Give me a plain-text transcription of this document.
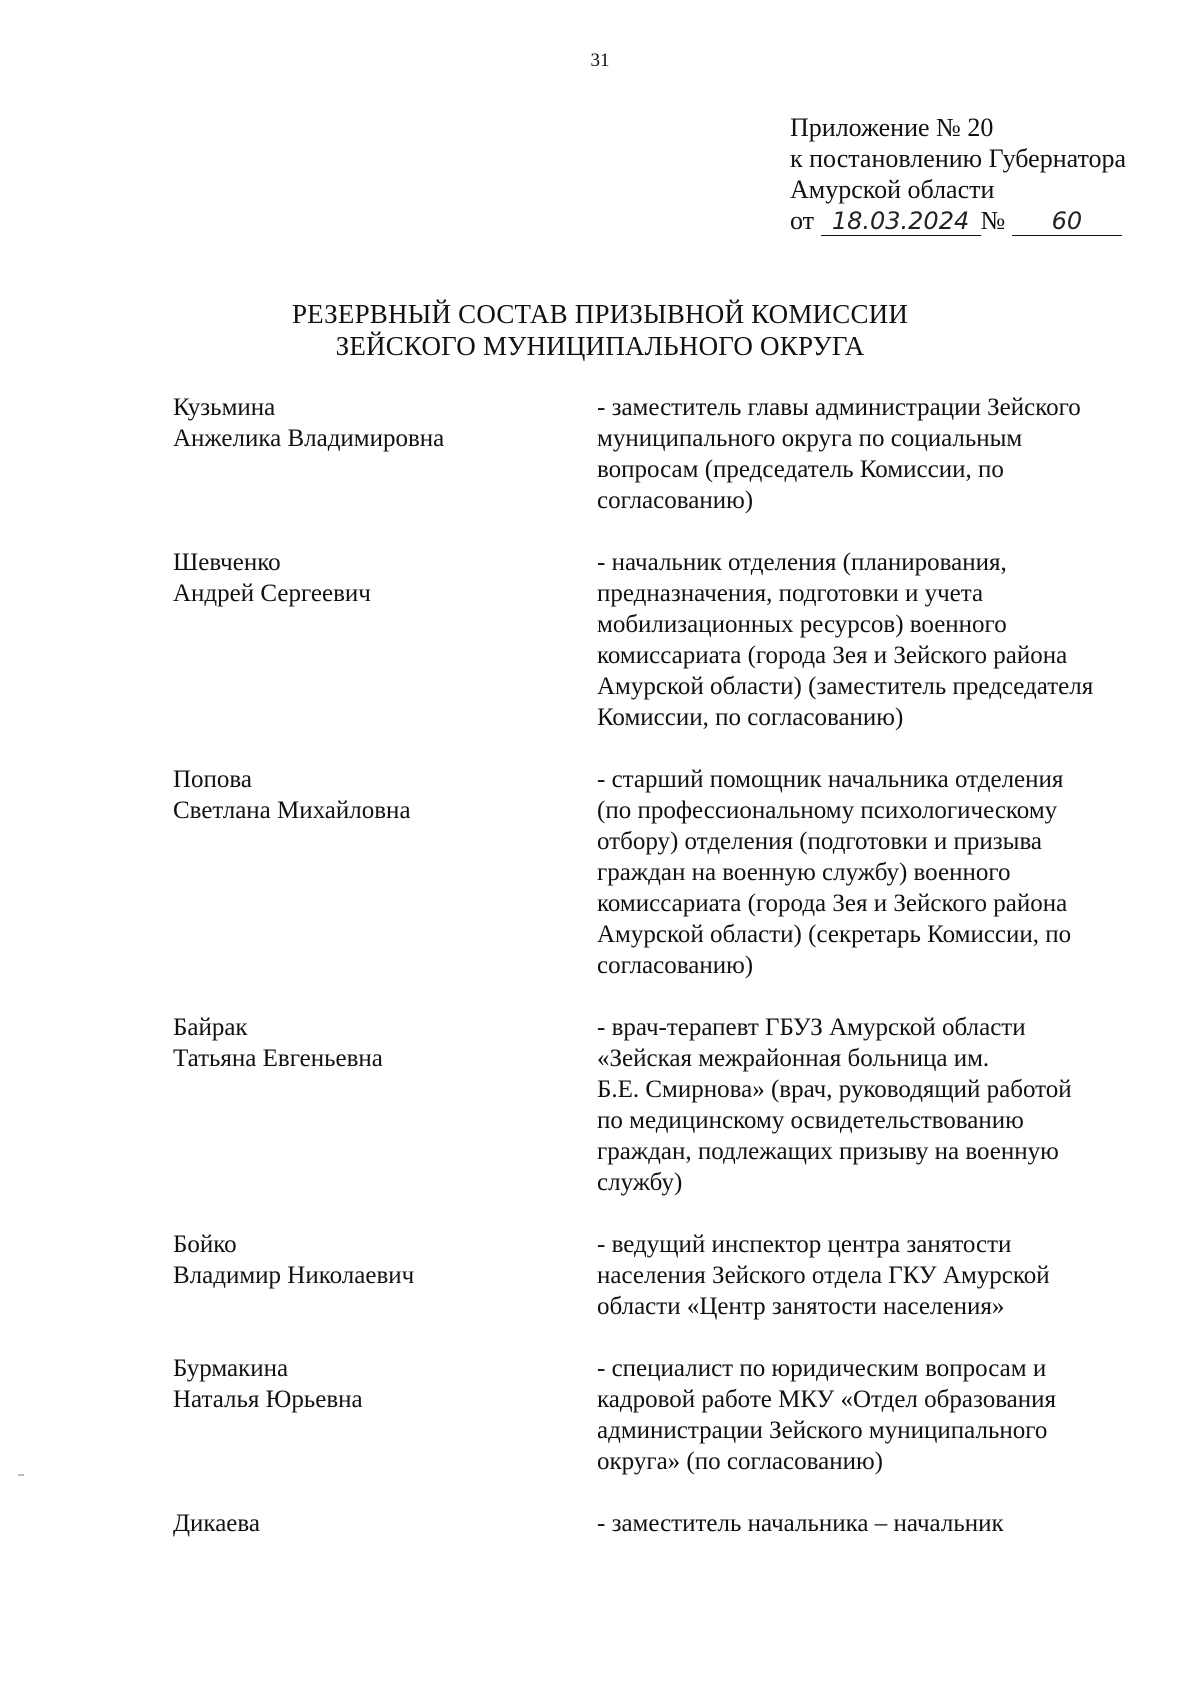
31
Приложение № 20
к постановлению Губернатора
Амурской области
от 18.03.2024 № 60
РЕЗЕРВНЫЙ СОСТАВ ПРИЗЫВНОЙ КОМИССИИ
ЗЕЙСКОГО МУНИЦИПАЛЬНОГО ОКРУГА
Кузьмина
Анжелика Владимировна
- заместитель главы администрации Зейского
муниципального округа по социальным
вопросам (председатель Комиссии, по
согласованию)
Шевченко
Андрей Сергеевич
- начальник отделения (планирования,
предназначения, подготовки и учета
мобилизационных ресурсов) военного
комиссариата (города Зея и Зейского района
Амурской области) (заместитель председателя
Комиссии, по согласованию)
Попова
Светлана Михайловна
- старший помощник начальника отделения
(по профессиональному психологическому
отбору) отделения (подготовки и призыва
граждан на военную службу) военного
комиссариата (города Зея и Зейского района
Амурской области) (секретарь Комиссии, по
согласованию)
Байрак
Татьяна Евгеньевна
- врач-терапевт ГБУЗ Амурской области
«Зейская межрайонная больница им.
Б.Е. Смирнова» (врач, руководящий работой
по медицинскому освидетельствованию
граждан, подлежащих призыву на военную
службу)
Бойко
Владимир Николаевич
- ведущий инспектор центра занятости
населения Зейского отдела ГКУ Амурской
области «Центр занятости населения»
Бурмакина
Наталья Юрьевна
- специалист по юридическим вопросам и
кадровой работе МКУ «Отдел образования
администрации Зейского муниципального
округа» (по согласованию)
Дикаева	- заместитель начальника – начальник
